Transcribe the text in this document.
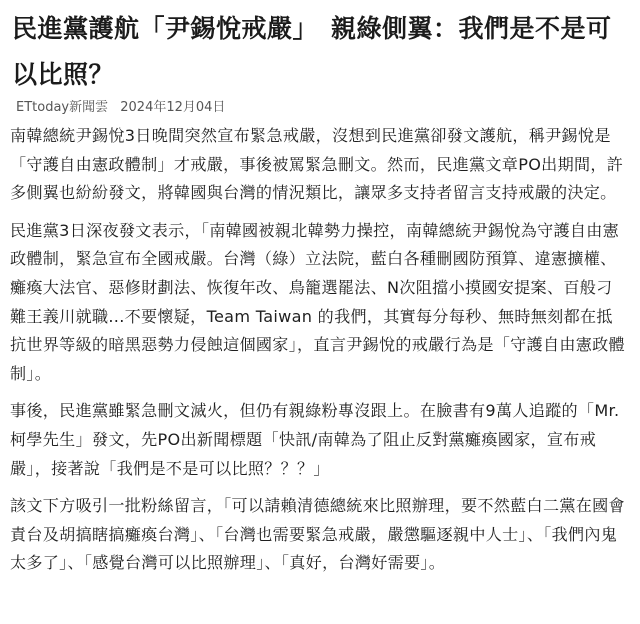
民進黨護航「尹錫悅戒嚴」　親綠側翼：我們是不是可以比照？
ETtoday新聞雲 2024年12月04日

南韓總統尹錫悅3日晚間突然宣布緊急戒嚴，沒想到民進黨卻發文護航，稱尹錫悅是「守護自由憲政體制」才戒嚴，事後被罵緊急刪文。然而，民進黨文章PO出期間，許多側翼也紛紛發文，將韓國與台灣的情況類比，讓眾多支持者留言支持戒嚴的決定。

民進黨3日深夜發文表示，「南韓國被親北韓勢力操控，南韓總統尹錫悅為守護自由憲政體制，緊急宣布全國戒嚴。台灣（綠）立法院，藍白各種刪國防預算、違憲擴權、癱瘓大法官、惡修財劃法、恢復年改、鳥籠選罷法、N次阻擋小摸國安提案、百般刁難王義川就職...不要懷疑，Team Taiwan 的我們，其實每分每秒、無時無刻都在抵抗世界等級的暗黑惡勢力侵蝕這個國家」，直言尹錫悅的戒嚴行為是「守護自由憲政體制」。

事後，民進黨雖緊急刪文滅火，但仍有親綠粉專沒跟上。在臉書有9萬人追蹤的「Mr.柯學先生」發文，先PO出新聞標題「快訊/南韓為了阻止反對黨癱瘓國家，宣布戒嚴」，接著說「我們是不是可以比照？？？」

該文下方吸引一批粉絲留言，「可以請賴清德總統來比照辦理，要不然藍白二黨在國會責台及胡搞瞎搞癱瘓台灣」、「台灣也需要緊急戒嚴，嚴懲驅逐親中人士」、「我們內鬼太多了」、「感覺台灣可以比照辦理」、「真好，台灣好需要」。
